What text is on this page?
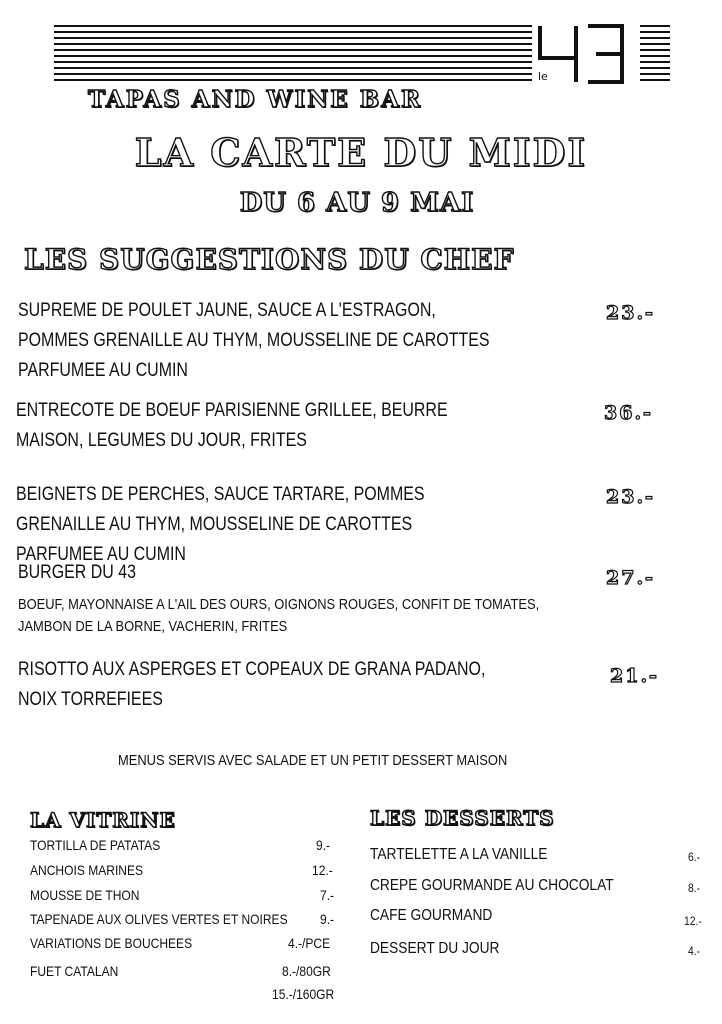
le
TAPAS AND WINE BAR
LA CARTE DU MIDI
DU 6 AU 9 MAI
LES SUGGESTIONS DU CHEF
SUPREME DE POULET JAUNE, SAUCE A L'ESTRAGON, POMMES GRENAILLE AU THYM, MOUSSELINE DE CAROTTES PARFUMEE AU CUMIN
23.-
ENTRECOTE DE BOEUF PARISIENNE GRILLEE, BEURRE MAISON, LEGUMES DU JOUR, FRITES
36.-
BEIGNETS DE PERCHES, SAUCE TARTARE, POMMES GRENAILLE AU THYM, MOUSSELINE DE CAROTTES PARFUMEE AU CUMIN
23.-
BURGER DU 43	27.-
BOEUF, MAYONNAISE A L'AIL DES OURS, OIGNONS ROUGES, CONFIT DE TOMATES, JAMBON DE LA BORNE, VACHERIN, FRITES
RISOTTO AUX ASPERGES ET COPEAUX DE GRANA PADANO, NOIX TORREFIEES
21.-
MENUS SERVIS AVEC SALADE ET UN PETIT DESSERT MAISON
LA VITRINE
TORTILLA DE PATATAS	9.-
ANCHOIS MARINES	12.-
MOUSSE DE THON	7.-
TAPENADE AUX OLIVES VERTES ET NOIRES 9.-
VARIATIONS DE BOUCHEES	4.-/PCE
FUET CATALAN	8.-/80GR
15.-/160GR
LES DESSERTS
TARTELETTE A LA VANILLE	6.-
CREPE GOURMANDE AU CHOCOLAT	8.-
CAFE GOURMAND	12.-
DESSERT DU JOUR	4.-
